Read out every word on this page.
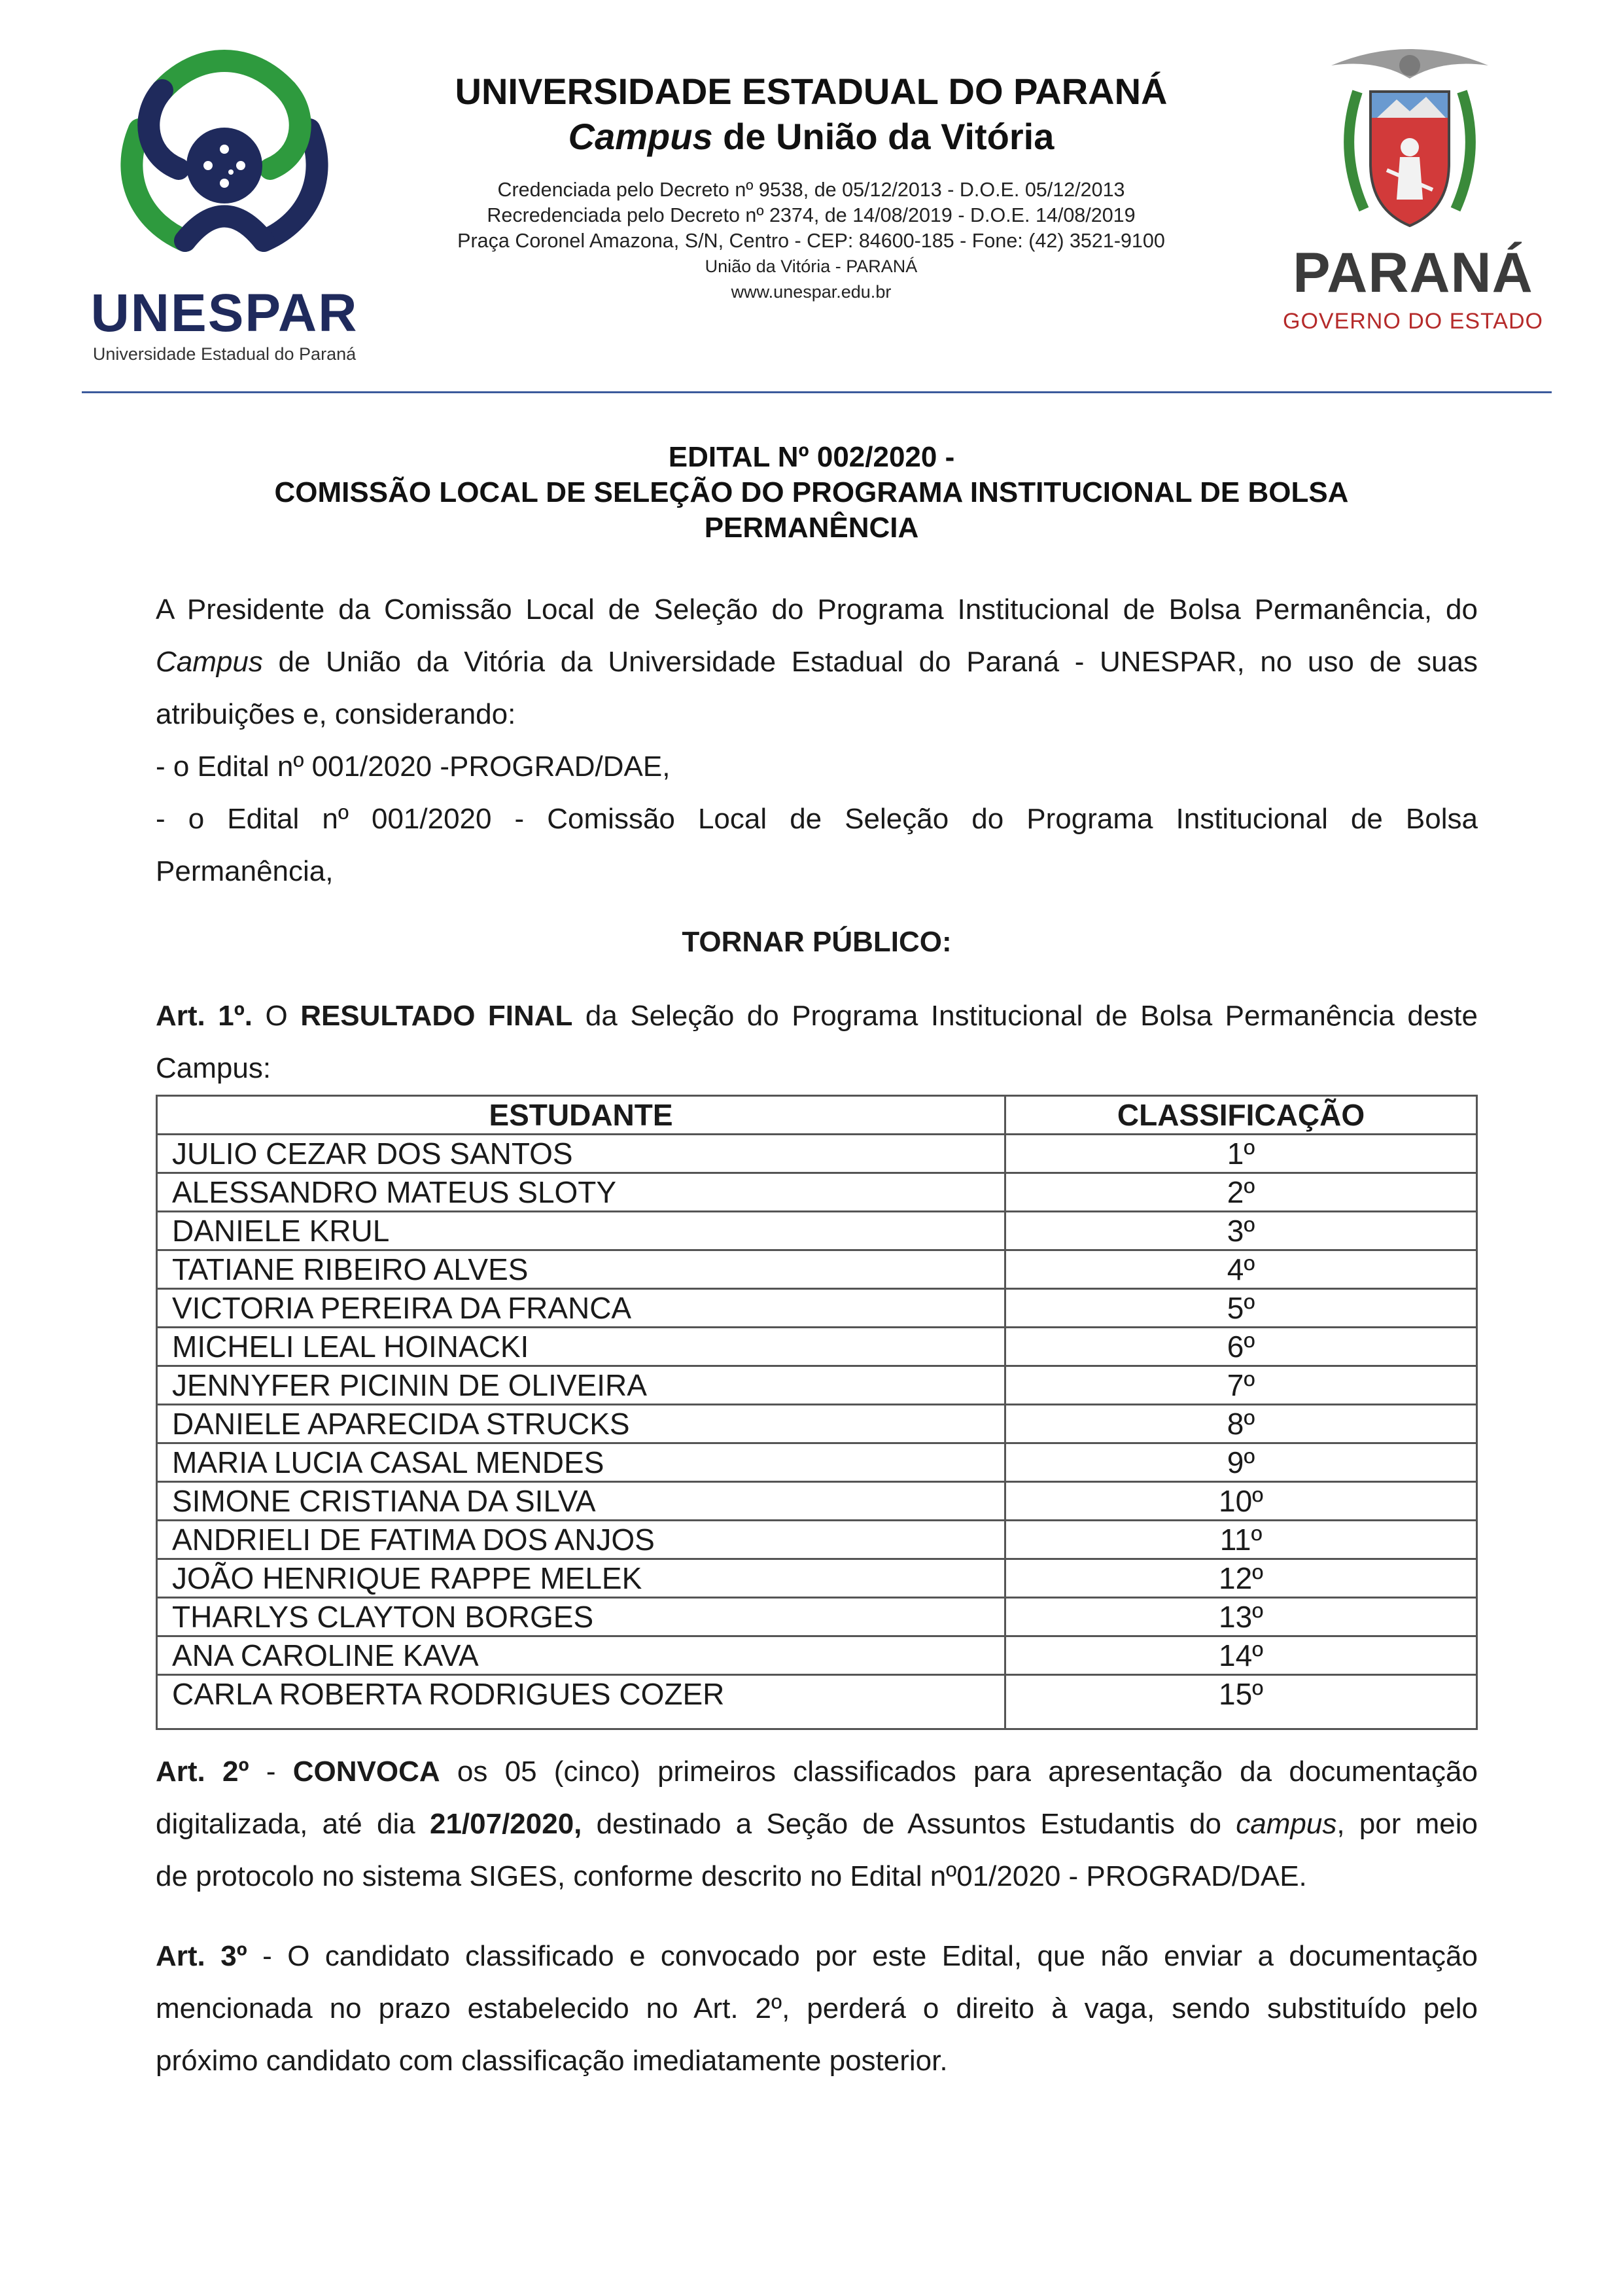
UNESPAR
Universidade Estadual do Paraná
UNIVERSIDADE ESTADUAL DO PARANÁ
Campus de União da Vitória
Credenciada pelo Decreto nº 9538, de 05/12/2013 - D.O.E. 05/12/2013
Recredenciada pelo Decreto nº 2374, de 14/08/2019 - D.O.E. 14/08/2019
Praça Coronel Amazona, S/N, Centro - CEP: 84600-185 - Fone: (42) 3521-9100
União da Vitória - PARANÁ
www.unespar.edu.br	PARANÁ
GOVERNO DO ESTADO
EDITAL Nº 002/2020 -
COMISSÃO LOCAL DE SELEÇÃO DO PROGRAMA INSTITUCIONAL DE BOLSA
PERMANÊNCIA
A Presidente da Comissão Local de Seleção do Programa Institucional de Bolsa Permanência, do
Campus de União da Vitória da Universidade Estadual do Paraná - UNESPAR, no uso de suas
atribuições e, considerando:
- o Edital nº 001/2020 -PROGRAD/DAE,
- o Edital nº 001/2020 - Comissão Local de Seleção do Programa Institucional de Bolsa
Permanência,
TORNAR PÚBLICO:
Art. 1º. O RESULTADO FINAL da Seleção do Programa Institucional de Bolsa Permanência deste
Campus:
ESTUDANTE	CLASSIFICAÇÃO
JULIO CEZAR DOS SANTOS	1º
ALESSANDRO MATEUS SLOTY	2º
DANIELE KRUL	3º
TATIANE RIBEIRO ALVES	4º
VICTORIA PEREIRA DA FRANCA	5º
MICHELI LEAL HOINACKI	6º
JENNYFER PICININ DE OLIVEIRA	7º
DANIELE APARECIDA STRUCKS	8º
MARIA LUCIA CASAL MENDES	9º
SIMONE CRISTIANA DA SILVA	10º
ANDRIELI DE FATIMA DOS ANJOS	11º
JOÃO HENRIQUE RAPPE MELEK	12º
THARLYS CLAYTON BORGES	13º
ANA CAROLINE KAVA	14º
CARLA ROBERTA RODRIGUES COZER	15º
Art. 2º - CONVOCA os 05 (cinco) primeiros classificados para apresentação da documentação
digitalizada, até dia 21/07/2020, destinado a Seção de Assuntos Estudantis do campus, por meio
de protocolo no sistema SIGES, conforme descrito no Edital nº01/2020 - PROGRAD/DAE.
Art. 3º - O candidato classificado e convocado por este Edital, que não enviar a documentação
mencionada no prazo estabelecido no Art. 2º, perderá o direito à vaga, sendo substituído pelo
próximo candidato com classificação imediatamente posterior.
